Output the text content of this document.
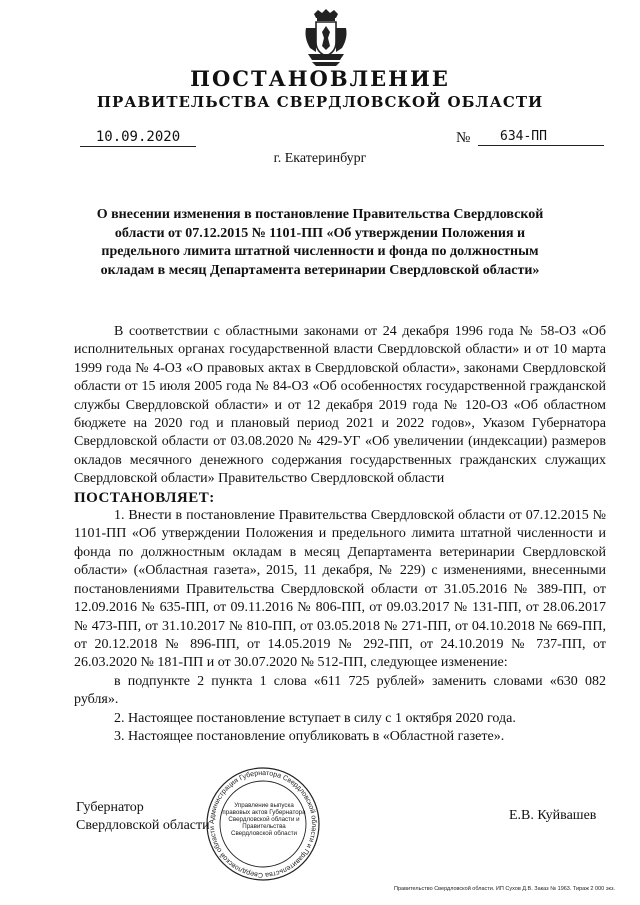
ПОСТАНОВЛЕНИЕ
ПРАВИТЕЛЬСТВА СВЕРДЛОВСКОЙ ОБЛАСТИ
10.09.2020	№	634-ПП
г. Екатеринбург
О внесении изменения в постановление Правительства Свердловской области от 07.12.2015 № 1101-ПП «Об утверждении Положения и предельного лимита штатной численности и фонда по должностным окладам в месяц Департамента ветеринарии Свердловской области»

В соответствии с областными законами от 24 декабря 1996 года № 58-ОЗ «Об исполнительных органах государственной власти Свердловской области» и от 10 марта 1999 года № 4-ОЗ «О правовых актах в Свердловской области», законами Свердловской области от 15 июля 2005 года № 84-ОЗ «Об особенностях государственной гражданской службы Свердловской области» и от 12 декабря 2019 года № 120-ОЗ «Об областном бюджете на 2020 год и плановый период 2021 и 2022 годов», Указом Губернатора Свердловской области от 03.08.2020 № 429-УГ «Об увеличении (индексации) размеров окладов месячного денежного содержания государственных гражданских служащих Свердловской области» Правительство Свердловской области

ПОСТАНОВЛЯЕТ:

1. Внести в постановление Правительства Свердловской области от 07.12.2015 № 1101-ПП «Об утверждении Положения и предельного лимита штатной численности и фонда по должностным окладам в месяц Департамента ветеринарии Свердловской области» («Областная газета», 2015, 11 декабря, № 229) с изменениями, внесенными постановлениями Правительства Свердловской области от 31.05.2016 № 389-ПП, от 12.09.2016 № 635-ПП, от 09.11.2016 № 806-ПП, от 09.03.2017 № 131-ПП, от 28.06.2017 № 473-ПП, от 31.10.2017 № 810-ПП, от 03.05.2018 № 271-ПП, от 04.10.2018 № 669-ПП, от 20.12.2018 № 896-ПП, от 14.05.2019 № 292-ПП, от 24.10.2019 № 737-ПП, от 26.03.2020 № 181-ПП и от 30.07.2020 № 512-ПП, следующее изменение:

в подпункте 2 пункта 1 слова «611 725 рублей» заменить словами «630 082 рубля».

2. Настоящее постановление вступает в силу с 1 октября 2020 года.

3. Настоящее постановление опубликовать в «Областной газете».

Губернатор
Свердловской области
Е.В. Куйвашев
Администрация Губернатора Свердловской области и Правительства Свердловской области
Управление выпуска правовых актов Губернатора Свердловской области и Правительства Свердловской области
Правительство Свердловской области. ИП Сухов Д.В. Заказ № 1963. Тираж 2 000 экз.
